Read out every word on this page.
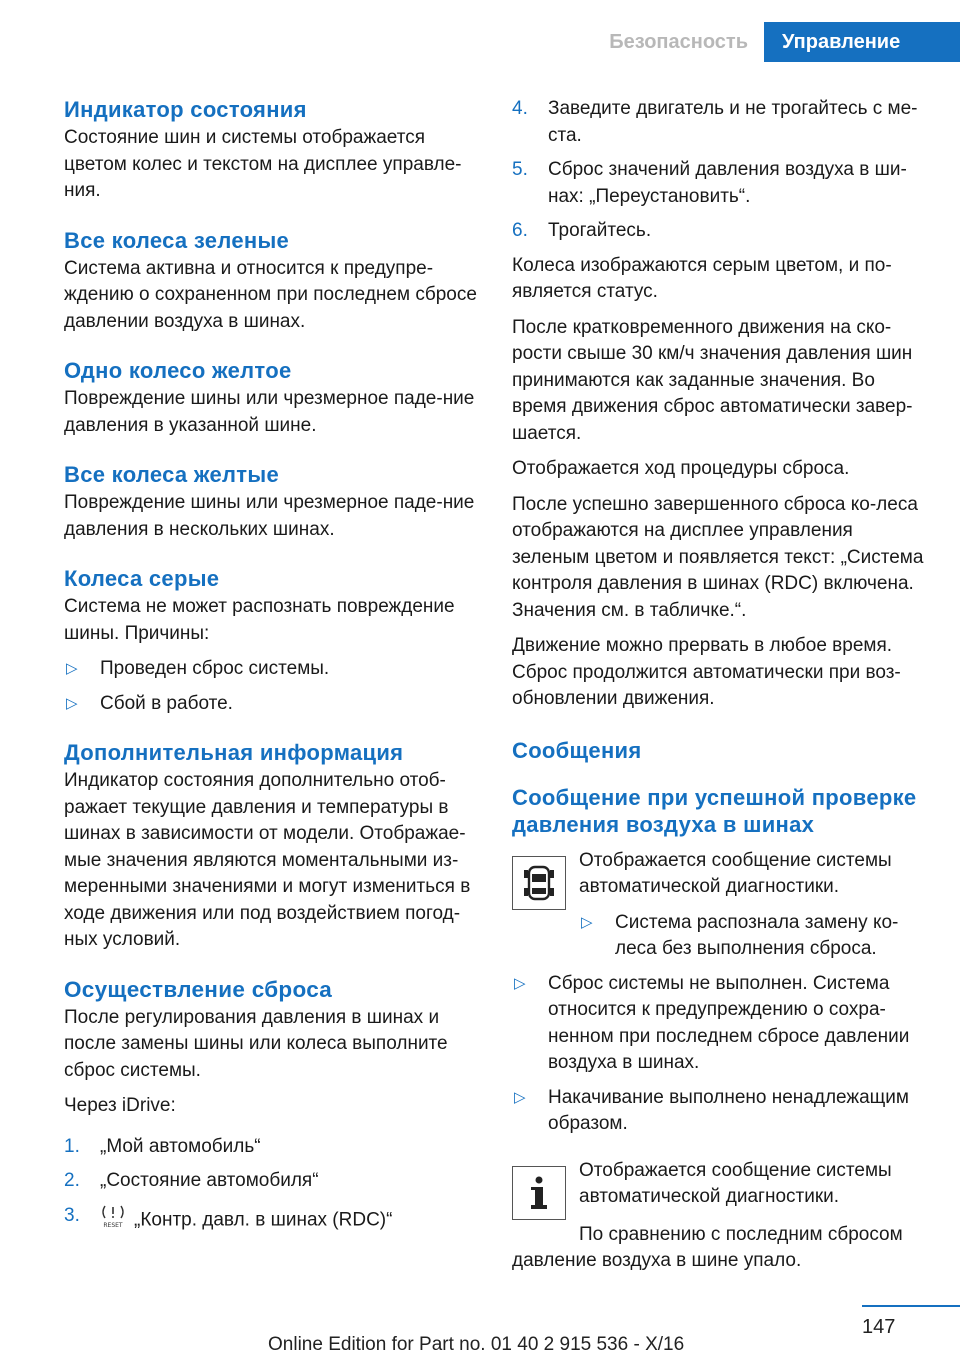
Безопасность	Управление
Индикатор состояния
Состояние шин и системы отображается цветом колес и текстом на дисплее управле-ния.
Все колеса зеленые
Система активна и относится к предупре-ждению о сохраненном при последнем сбросе давлении воздуха в шинах.
Одно колесо желтое
Повреждение шины или чрезмерное паде-ние давления в указанной шине.
Все колеса желтые
Повреждение шины или чрезмерное паде-ние давления в нескольких шинах.
Колеса серые
Система не может распознать повреждение шины. Причины:
▷ Проведен сброс системы.
▷ Сбой в работе.
Дополнительная информация
Индикатор состояния дополнительно отоб-ражает текущие давления и температуры в шинах в зависимости от модели. Отображае-мые значения являются моментальными из-меренными значениями и могут измениться в ходе движения или под воздействием погод-ных условий.
Осуществление сброса
После регулирования давления в шинах и после замены шины или колеса выполните сброс системы.
Через iDrive:
1. „Мой автомобиль“
2. „Состояние автомобиля“
3.	RESET „Контр. давл. в шинах (RDC)“
4. Заведите двигатель и не трогайтесь с ме-ста.
5. Сброс значений давления воздуха в ши-нах: „Переустановить“.
6. Трогайтесь.
Колеса изображаются серым цветом, и по-является статус.
После кратковременного движения на ско-рости свыше 30 км/ч значения давления шин принимаются как заданные значения. Во время движения сброс автоматически завер-шается.
Отображается ход процедуры сброса.
После успешно завершенного сброса ко-леса отображаются на дисплее управления зеленым цветом и появляется текст: „Система контроля давления в шинах (RDC) включена. Значения см. в табличке.“.
Движение можно прервать в любое время. Сброс продолжится автоматически при воз-обновлении движения.
Сообщения
Сообщение при успешной проверке давления воздуха в шинах
Отображается сообщение системы автоматической диагностики.
▷ Система распознала замену ко-леса без выполнения сброса.
▷ Сброс системы не выполнен. Система относится к предупреждению о сохра-ненном при последнем сбросе давлении воздуха в шинах.
▷ Накачивание выполнено ненадлежащим образом.
Отображается сообщение системы автоматической диагностики.
По сравнению с последним сбросом давление воздуха в шине упало.
147
Online Edition for Part no. 01 40 2 915 536 - X/16
